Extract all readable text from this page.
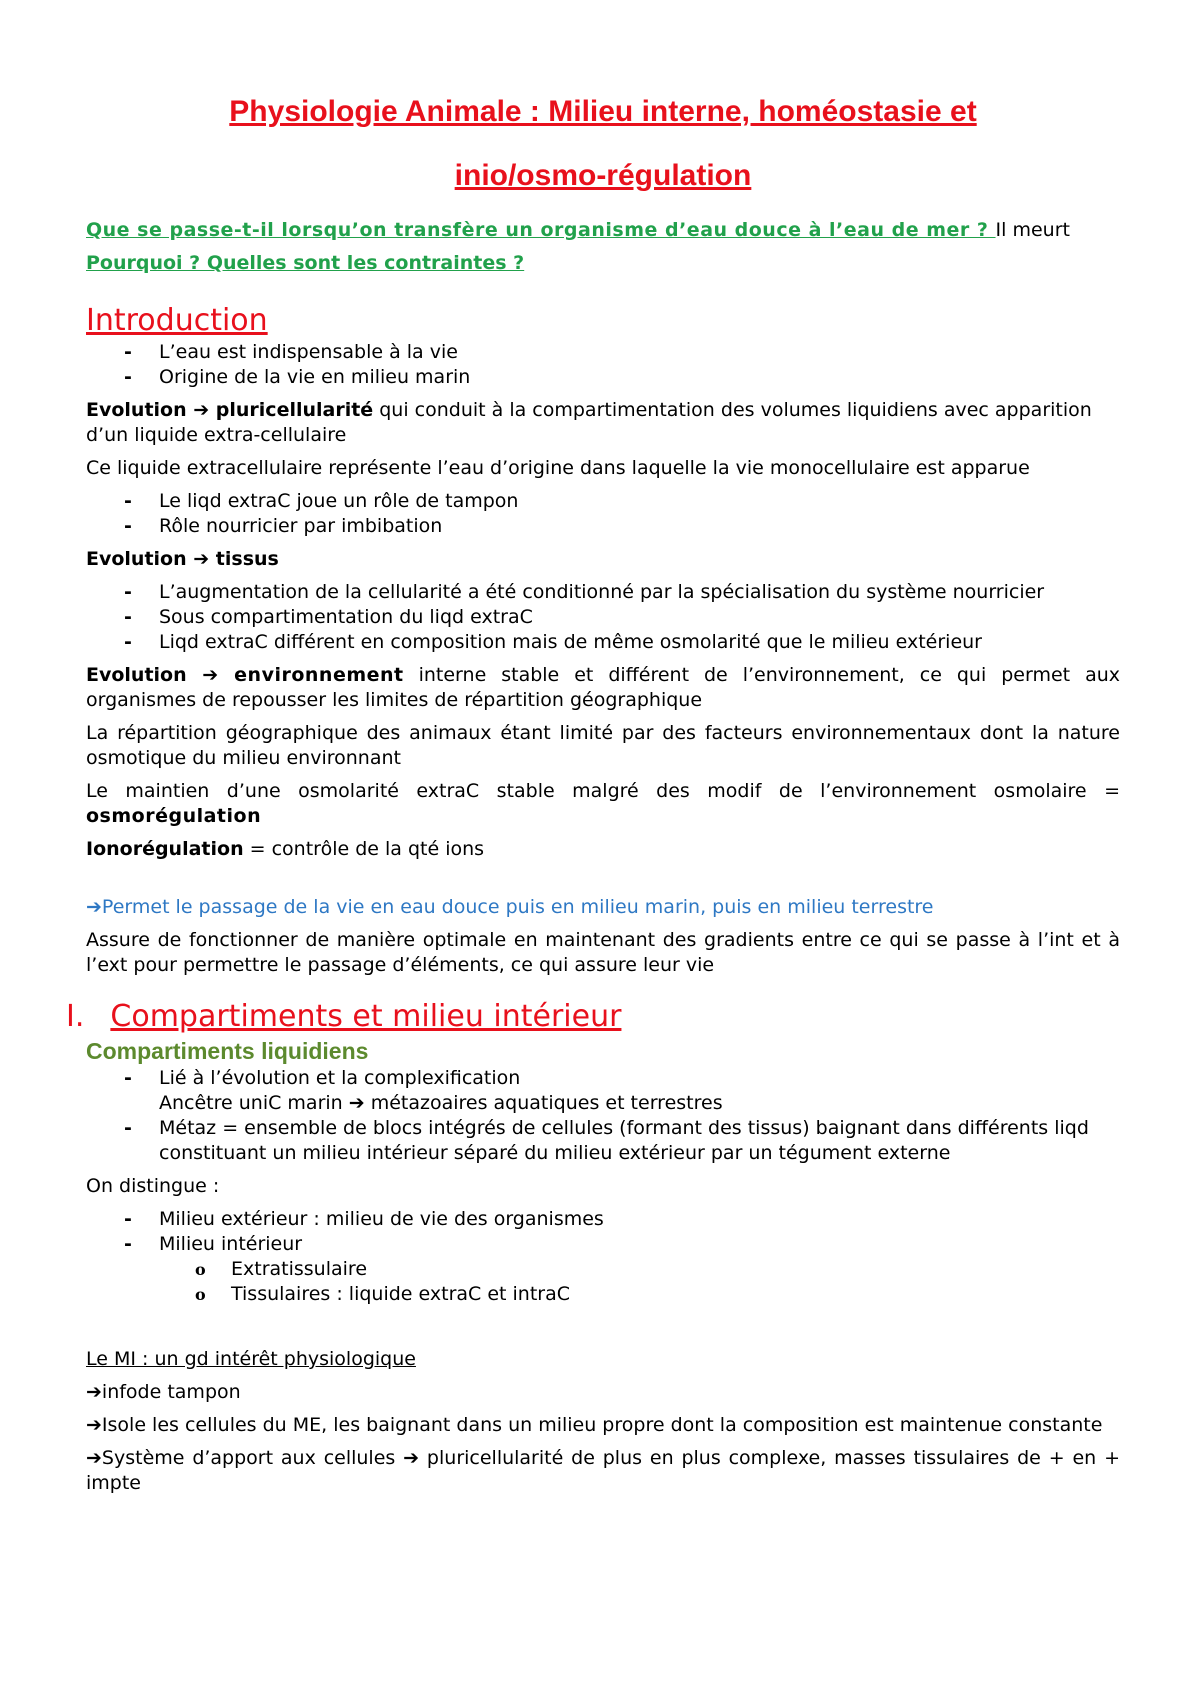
Physiologie Animale : Milieu interne, homéostasie et
inio/osmo-régulation

Que se passe-t-il lorsqu’on transfère un organisme d’eau douce à l’eau de mer ? Il meurt

Pourquoi ? Quelles sont les contraintes ?

Introduction
- L’eau est indispensable à la vie
- Origine de la vie en milieu marin

Evolution ➔ pluricellularité qui conduit à la compartimentation des volumes liquidiens avec apparition d’un liquide extra-cellulaire

Ce liquide extracellulaire représente l’eau d’origine dans laquelle la vie monocellulaire est apparue

- Le liqd extraC joue un rôle de tampon
- Rôle nourricier par imbibation

Evolution ➔ tissus

- L’augmentation de la cellularité a été conditionné par la spécialisation du système nourricier
- Sous compartimentation du liqd extraC
- Liqd extraC différent en composition mais de même osmolarité que le milieu extérieur

Evolution ➔ environnement interne stable et différent de l’environnement, ce qui permet aux organismes de repousser les limites de répartition géographique

La répartition géographique des animaux étant limité par des facteurs environnementaux dont la nature osmotique du milieu environnant

Le maintien d’une osmolarité extraC stable malgré des modif de l’environnement osmolaire = osmorégulation

Ionorégulation = contrôle de la qté ions

➔Permet le passage de la vie en eau douce puis en milieu marin, puis en milieu terrestre

Assure de fonctionner de manière optimale en maintenant des gradients entre ce qui se passe à l’int et à l’ext pour permettre le passage d’éléments, ce qui assure leur vie

I. Compartiments et milieu intérieur
Compartiments liquidiens
- Lié à l’évolution et la complexification
Ancêtre uniC marin ➔ métazoaires aquatiques et terrestres
- Métaz = ensemble de blocs intégrés de cellules (formant des tissus) baignant dans différents liqd constituant un milieu intérieur séparé du milieu extérieur par un tégument externe

On distingue :

- Milieu extérieur : milieu de vie des organismes
- Milieu intérieur
o Extratissulaire
o Tissulaires : liquide extraC et intraC

Le MI : un gd intérêt physiologique

➔infode tampon

➔Isole les cellules du ME, les baignant dans un milieu propre dont la composition est maintenue constante

➔Système d’apport aux cellules ➔ pluricellularité de plus en plus complexe, masses tissulaires de + en + impte
